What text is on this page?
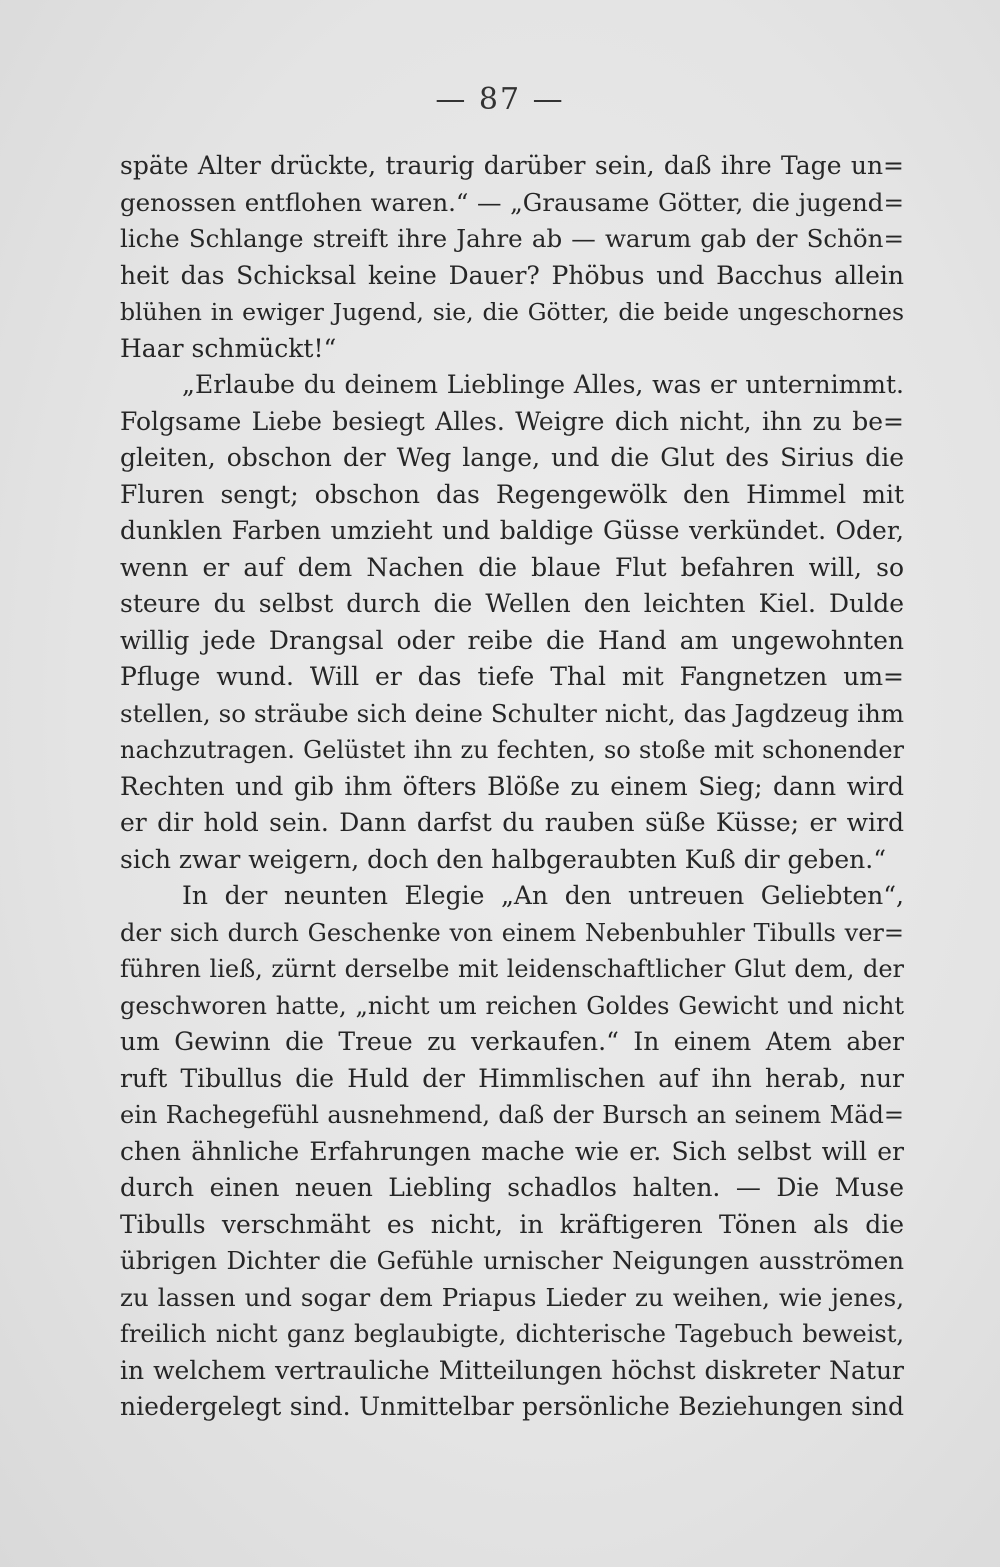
— 87 —
späte Alter drückte, traurig darüber sein, daß ihre Tage un=
genossen entflohen waren.“ — „Grausame Götter, die jugend=
liche Schlange streift ihre Jahre ab — warum gab der Schön=
heit das Schicksal keine Dauer? Phöbus und Bacchus allein
blühen in ewiger Jugend, sie, die Götter, die beide ungeschornes
Haar schmückt!“
„Erlaube du deinem Lieblinge Alles, was er unternimmt.
Folgsame Liebe besiegt Alles. Weigre dich nicht, ihn zu be=
gleiten, obschon der Weg lange, und die Glut des Sirius die
Fluren sengt; obschon das Regengewölk den Himmel mit
dunklen Farben umzieht und baldige Güsse verkündet. Oder,
wenn er auf dem Nachen die blaue Flut befahren will, so
steure du selbst durch die Wellen den leichten Kiel. Dulde
willig jede Drangsal oder reibe die Hand am ungewohnten
Pfluge wund. Will er das tiefe Thal mit Fangnetzen um=
stellen, so sträube sich deine Schulter nicht, das Jagdzeug ihm
nachzutragen. Gelüstet ihn zu fechten, so stoße mit schonender
Rechten und gib ihm öfters Blöße zu einem Sieg; dann wird
er dir hold sein. Dann darfst du rauben süße Küsse; er wird
sich zwar weigern, doch den halbgeraubten Kuß dir geben.“
In der neunten Elegie „An den untreuen Geliebten“,
der sich durch Geschenke von einem Nebenbuhler Tibulls ver=
führen ließ, zürnt derselbe mit leidenschaftlicher Glut dem, der
geschworen hatte, „nicht um reichen Goldes Gewicht und nicht
um Gewinn die Treue zu verkaufen.“ In einem Atem aber
ruft Tibullus die Huld der Himmlischen auf ihn herab, nur
ein Rachegefühl ausnehmend, daß der Bursch an seinem Mäd=
chen ähnliche Erfahrungen mache wie er. Sich selbst will er
durch einen neuen Liebling schadlos halten. — Die Muse
Tibulls verschmäht es nicht, in kräftigeren Tönen als die
übrigen Dichter die Gefühle urnischer Neigungen ausströmen
zu lassen und sogar dem Priapus Lieder zu weihen, wie jenes,
freilich nicht ganz beglaubigte, dichterische Tagebuch beweist,
in welchem vertrauliche Mitteilungen höchst diskreter Natur
niedergelegt sind. Unmittelbar persönliche Beziehungen sind
